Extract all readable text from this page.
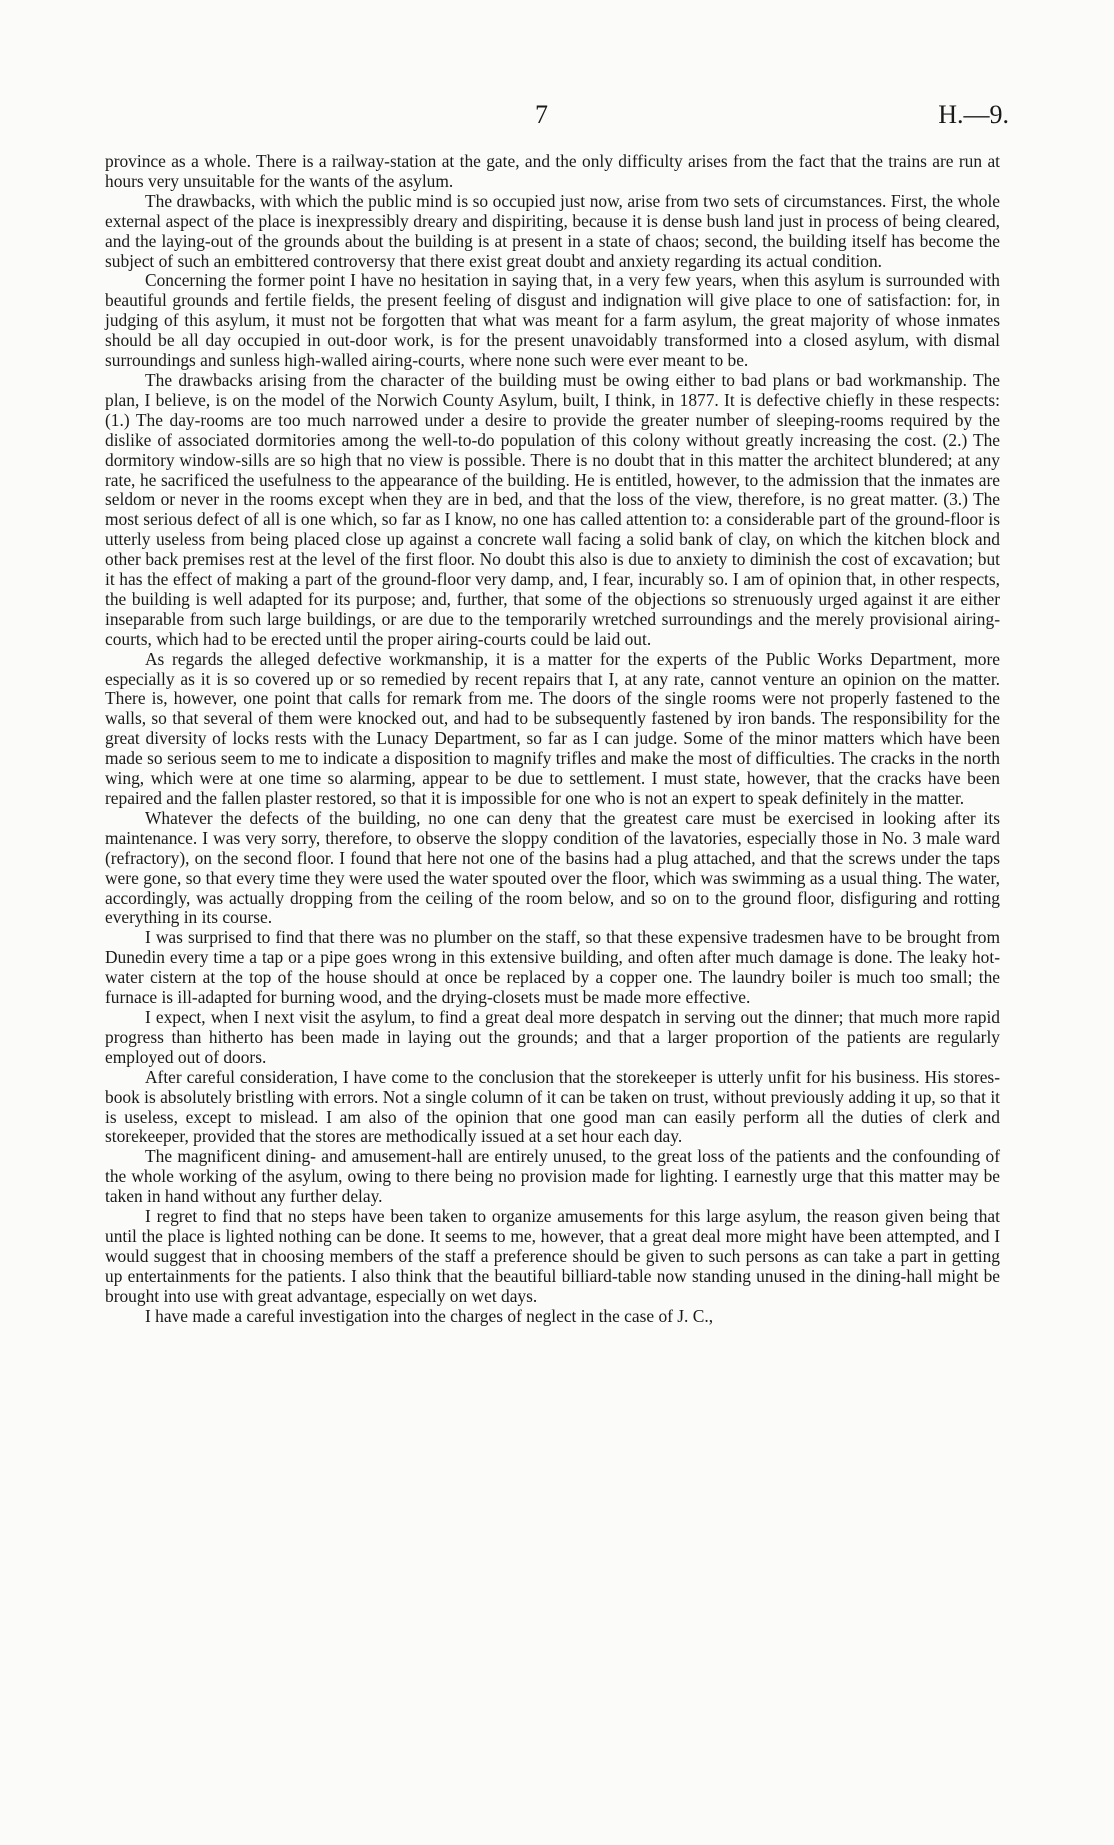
7	H.—9.

province as a whole. There is a railway-station at the gate, and the only difficulty arises from the fact that the trains are run at hours very unsuitable for the wants of the asylum.

The drawbacks, with which the public mind is so occupied just now, arise from two sets of circumstances. First, the whole external aspect of the place is inexpressibly dreary and dispiriting, because it is dense bush land just in process of being cleared, and the laying-out of the grounds about the building is at present in a state of chaos; second, the building itself has become the subject of such an embittered controversy that there exist great doubt and anxiety regarding its actual condition.

Concerning the former point I have no hesitation in saying that, in a very few years, when this asylum is surrounded with beautiful grounds and fertile fields, the present feeling of disgust and indignation will give place to one of satisfaction: for, in judging of this asylum, it must not be forgotten that what was meant for a farm asylum, the great majority of whose inmates should be all day occupied in out-door work, is for the present unavoidably transformed into a closed asylum, with dismal surroundings and sunless high-walled airing-courts, where none such were ever meant to be.

The drawbacks arising from the character of the building must be owing either to bad plans or bad workmanship. The plan, I believe, is on the model of the Norwich County Asylum, built, I think, in 1877. It is defective chiefly in these respects: (1.) The day-rooms are too much narrowed under a desire to provide the greater number of sleeping-rooms required by the dislike of associated dormitories among the well-to-do population of this colony without greatly increasing the cost. (2.) The dormitory window-sills are so high that no view is possible. There is no doubt that in this matter the architect blundered; at any rate, he sacrificed the usefulness to the appearance of the building. He is entitled, however, to the admission that the inmates are seldom or never in the rooms except when they are in bed, and that the loss of the view, therefore, is no great matter. (3.) The most serious defect of all is one which, so far as I know, no one has called attention to: a considerable part of the ground-floor is utterly useless from being placed close up against a concrete wall facing a solid bank of clay, on which the kitchen block and other back premises rest at the level of the first floor. No doubt this also is due to anxiety to diminish the cost of excavation; but it has the effect of making a part of the ground-floor very damp, and, I fear, incurably so. I am of opinion that, in other respects, the building is well adapted for its purpose; and, further, that some of the objections so strenuously urged against it are either inseparable from such large buildings, or are due to the temporarily wretched surroundings and the merely provisional airing-courts, which had to be erected until the proper airing-courts could be laid out.

As regards the alleged defective workmanship, it is a matter for the experts of the Public Works Department, more especially as it is so covered up or so remedied by recent repairs that I, at any rate, cannot venture an opinion on the matter. There is, however, one point that calls for remark from me. The doors of the single rooms were not properly fastened to the walls, so that several of them were knocked out, and had to be subsequently fastened by iron bands. The responsibility for the great diversity of locks rests with the Lunacy Department, so far as I can judge. Some of the minor matters which have been made so serious seem to me to indicate a disposition to magnify trifles and make the most of difficulties. The cracks in the north wing, which were at one time so alarming, appear to be due to settlement. I must state, however, that the cracks have been repaired and the fallen plaster restored, so that it is impossible for one who is not an expert to speak definitely in the matter.

Whatever the defects of the building, no one can deny that the greatest care must be exercised in looking after its maintenance. I was very sorry, therefore, to observe the sloppy condition of the lavatories, especially those in No. 3 male ward (refractory), on the second floor. I found that here not one of the basins had a plug attached, and that the screws under the taps were gone, so that every time they were used the water spouted over the floor, which was swimming as a usual thing. The water, accordingly, was actually dropping from the ceiling of the room below, and so on to the ground floor, disfiguring and rotting everything in its course.

I was surprised to find that there was no plumber on the staff, so that these expensive tradesmen have to be brought from Dunedin every time a tap or a pipe goes wrong in this extensive building, and often after much damage is done. The leaky hot-water cistern at the top of the house should at once be replaced by a copper one. The laundry boiler is much too small; the furnace is ill-adapted for burning wood, and the drying-closets must be made more effective.

I expect, when I next visit the asylum, to find a great deal more despatch in serving out the dinner; that much more rapid progress than hitherto has been made in laying out the grounds; and that a larger proportion of the patients are regularly employed out of doors.

After careful consideration, I have come to the conclusion that the storekeeper is utterly unfit for his business. His stores-book is absolutely bristling with errors. Not a single column of it can be taken on trust, without previously adding it up, so that it is useless, except to mislead. I am also of the opinion that one good man can easily perform all the duties of clerk and storekeeper, provided that the stores are methodically issued at a set hour each day.

The magnificent dining- and amusement-hall are entirely unused, to the great loss of the patients and the confounding of the whole working of the asylum, owing to there being no provision made for lighting. I earnestly urge that this matter may be taken in hand without any further delay.

I regret to find that no steps have been taken to organize amusements for this large asylum, the reason given being that until the place is lighted nothing can be done. It seems to me, however, that a great deal more might have been attempted, and I would suggest that in choosing members of the staff a preference should be given to such persons as can take a part in getting up entertainments for the patients. I also think that the beautiful billiard-table now standing unused in the dining-hall might be brought into use with great advantage, especially on wet days.

I have made a careful investigation into the charges of neglect in the case of J. C.,
